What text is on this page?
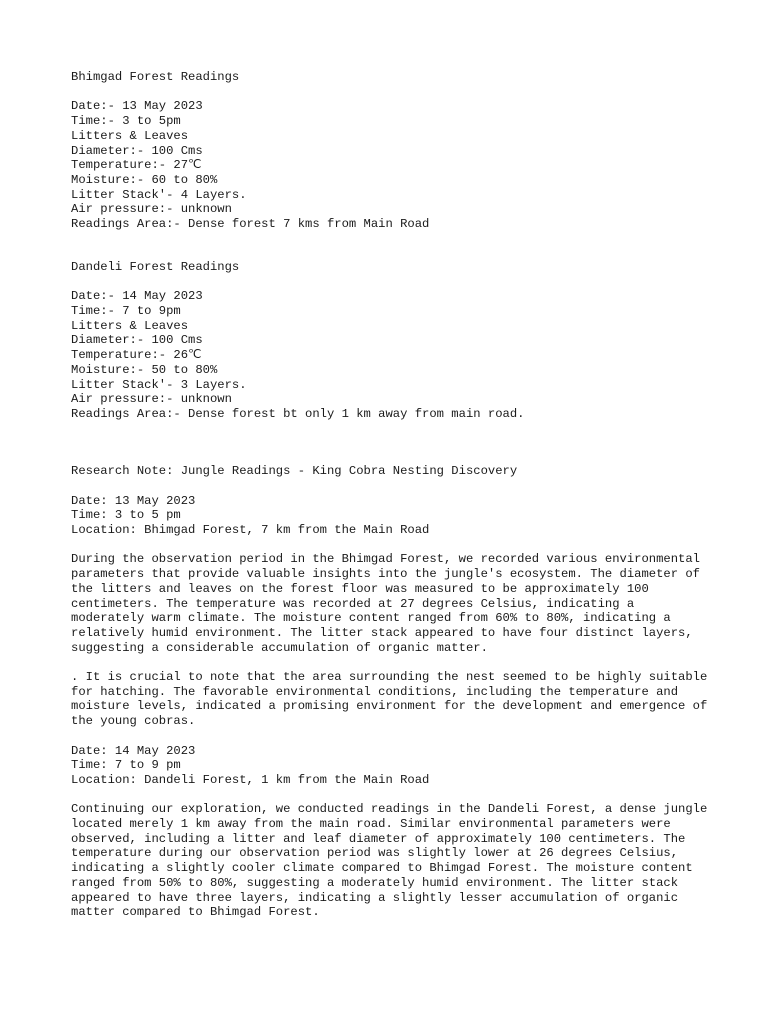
Bhimgad Forest Readings
Date:- 13 May 2023
Time:- 3 to 5pm
Litters & Leaves
Diameter:- 100 Cms
Temperature:- 27℃
Moisture:- 60 to 80%
Litter Stack'- 4 Layers.
Air pressure:- unknown
Readings Area:- Dense forest 7 kms from Main Road
Dandeli Forest Readings
Date:- 14 May 2023
Time:- 7 to 9pm
Litters & Leaves
Diameter:- 100 Cms
Temperature:- 26℃
Moisture:- 50 to 80%
Litter Stack'- 3 Layers.
Air pressure:- unknown
Readings Area:- Dense forest bt only 1 km away from main road.
Research Note: Jungle Readings - King Cobra Nesting Discovery
Date: 13 May 2023
Time: 3 to 5 pm
Location: Bhimgad Forest, 7 km from the Main Road
During the observation period in the Bhimgad Forest, we recorded various environmental parameters that provide valuable insights into the jungle's ecosystem. The diameter of the litters and leaves on the forest floor was measured to be approximately 100 centimeters. The temperature was recorded at 27 degrees Celsius, indicating a moderately warm climate. The moisture content ranged from 60% to 80%, indicating a relatively humid environment. The litter stack appeared to have four distinct layers, suggesting a considerable accumulation of organic matter.
. It is crucial to note that the area surrounding the nest seemed to be highly suitable for hatching. The favorable environmental conditions, including the temperature and moisture levels, indicated a promising environment for the development and emergence of the young cobras.
Date: 14 May 2023
Time: 7 to 9 pm
Location: Dandeli Forest, 1 km from the Main Road
Continuing our exploration, we conducted readings in the Dandeli Forest, a dense jungle located merely 1 km away from the main road. Similar environmental parameters were observed, including a litter and leaf diameter of approximately 100 centimeters. The temperature during our observation period was slightly lower at 26 degrees Celsius, indicating a slightly cooler climate compared to Bhimgad Forest. The moisture content ranged from 50% to 80%, suggesting a moderately humid environment. The litter stack appeared to have three layers, indicating a slightly lesser accumulation of organic matter compared to Bhimgad Forest.
